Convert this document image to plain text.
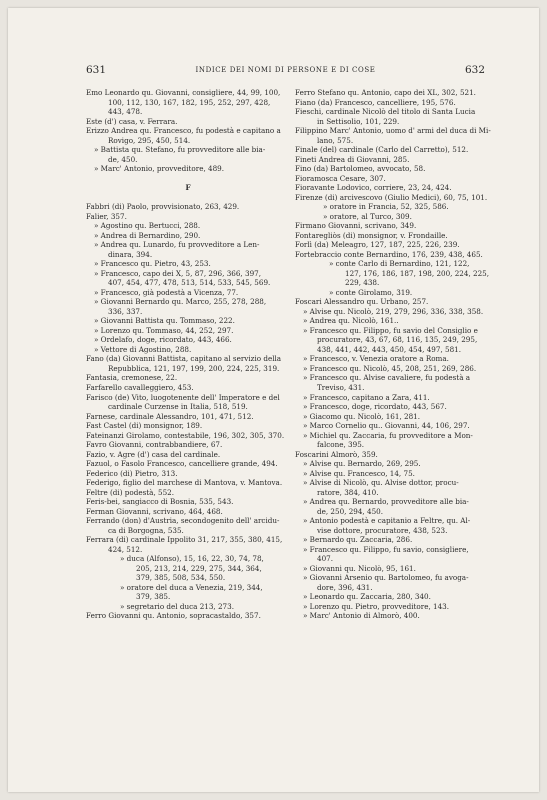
631	INDICE DEI NOMI DI PERSONE E DI COSE	632
Emo Leonardo qu. Giovanni, consigliere, 44, 99, 100,
100, 112, 130, 167, 182, 195, 252, 297, 428,
443, 478.
Este (d') casa, v. Ferrara.
Erizzo Andrea qu. Francesco, fu podestà e capitano a
Rovigo, 295, 450, 514.
» Battista qu. Stefano, fu provveditore alle bia-
de, 450.
» Marc' Antonio, provveditore, 489.
F
Fabbri (di) Paolo, provvisionato, 263, 429.
Falier, 357.
» Agostino qu. Bertucci, 288.
» Andrea di Bernardino, 290.
» Andrea qu. Lunardo, fu provveditore a Len-
dinara, 394.
» Francesco qu. Pietro, 43, 253.
» Francesco, capo dei X, 5, 87, 296, 366, 397,
407, 454, 477, 478, 513, 514, 533, 545, 569.
» Francesco, già podestà a Vicenza, 77.
» Giovanni Bernardo qu. Marco, 255, 278, 288,
336, 337.
» Giovanni Battista qu. Tommaso, 222.
» Lorenzo qu. Tommaso, 44, 252, 297.
» Ordelafo, doge, ricordato, 443, 466.
» Vettore di Agostino, 288.
Fano (da) Giovanni Battista, capitano al servizio della
Repubblica, 121, 197, 199, 200, 224, 225, 319.
Fantasia, cremonese, 22.
Farfarello cavalleggiero, 453.
Farisco (de) Vito, luogotenente dell' Imperatore e del
cardinale Curzense in Italia, 518, 519.
Farnese, cardinale Alessandro, 101, 471, 512.
Fast Castel (di) monsignor, 189.
Fateinanzi Girolamo, contestabile, 196, 302, 305, 370.
Favro Giovanni, contrabbandiere, 67.
Fazio, v. Agre (d') casa del cardinale.
Fazuol, o Fasolo Francesco, cancelliere grande, 494.
Federico (di) Pietro, 313.
Federigo, figlio del marchese di Mantova, v. Mantova.
Feltre (di) podestà, 552.
Feris-bei, sangiacco di Bosnia, 535, 543.
Ferman Giovanni, scrivano, 464, 468.
Ferrando (don) d'Austria, secondogenito dell' arcidu-
ca di Borgogna, 535.
Ferrara (di) cardinale Ippolito 31, 217, 355, 380, 415,
424, 512.
» duca (Alfonso), 15, 16, 22, 30, 74, 78,
205, 213, 214, 229, 275, 344, 364,
379, 385, 508, 534, 550.
» oratore del duca a Venezia, 219, 344,
379, 385.
» segretario del duca 213, 273.
Ferro Giovanni qu. Antonio, sopracastaldo, 357.
Ferro Stefano qu. Antonio, capo dei XL, 302, 521.
Fiano (da) Francesco, cancelliere, 195, 576.
Fieschi, cardinale Nicolò del titolo di Santa Lucia
in Settisolio, 101, 229.
Filippino Marc' Antonio, uomo d' armi del duca di Mi-
lano, 575.
Finale (del) cardinale (Carlo del Carretto), 512.
Fineti Andrea di Giovanni, 285.
Fino (da) Bartolomeo, avvocato, 58.
Fioramosca Cesare, 307.
Fioravante Lodovico, corriere, 23, 24, 424.
Firenze (di) arcivescovo (Giulio Medici), 60, 75, 101.
» oratore in Francia, 52, 325, 586.
» oratore, al Turco, 309.
Firmano Giovanni, scrivano, 349.
Fontaregliòs (di) monsignor, v. Frondaille.
Forlì (da) Meleagro, 127, 187, 225, 226, 239.
Fortebraccio conte Bernardino, 176, 239, 438, 465.
» conte Carlo di Bernardino, 121, 122,
127, 176, 186, 187, 198, 200, 224, 225,
229, 438.
» conte Girolamo, 319.
Foscari Alessandro qu. Urbano, 257.
» Alvise qu. Nicolò, 219, 279, 296, 336, 338, 358.
» Andrea qu. Nicolò, 161..
» Francesco qu. Filippo, fu savio del Consiglio e
procuratore, 43, 67, 68, 116, 135, 249, 295,
438, 441, 442, 443, 450, 454, 497, 581.
» Francesco, v. Venezia oratore a Roma.
» Francesco qu. Nicolò, 45, 208, 251, 269, 286.
» Francesco qu. Alvise cavaliere, fu podestà a
Treviso, 431.
» Francesco, capitano a Zara, 411.
» Francesco, doge, ricordato, 443, 567.
» Giacomo qu. Nicolò, 161, 281.
» Marco Cornelio qu.. Giovanni, 44, 106, 297.
» Michiel qu. Zaccaria, fu provveditore a Mon-
falcone, 395.
Foscarini Almorò, 359.
» Alvise qu. Bernardo, 269, 295.
» Alvise qu. Francesco, 14, 75.
» Alvise di Nicolò, qu. Alvise dottor, procu-
ratore, 384, 410.
» Andrea qu. Bernardo, provveditore alle bia-
de, 250, 294, 450.
» Antonio podestà e capitanio a Feltre, qu. Al-
vise dottore, procuratore, 438, 523.
» Bernardo qu. Zaccaria, 286.
» Francesco qu. Filippo, fu savio, consigliere,
407.
» Giovanni qu. Nicolò, 95, 161.
» Giovanni Arsenio qu. Bartolomeo, fu avoga-
dore, 396, 431.
» Leonardo qu. Zaccaria, 280, 340.
» Lorenzo qu. Pietro, provveditore, 143.
» Marc' Antonio di Almorò, 400.
